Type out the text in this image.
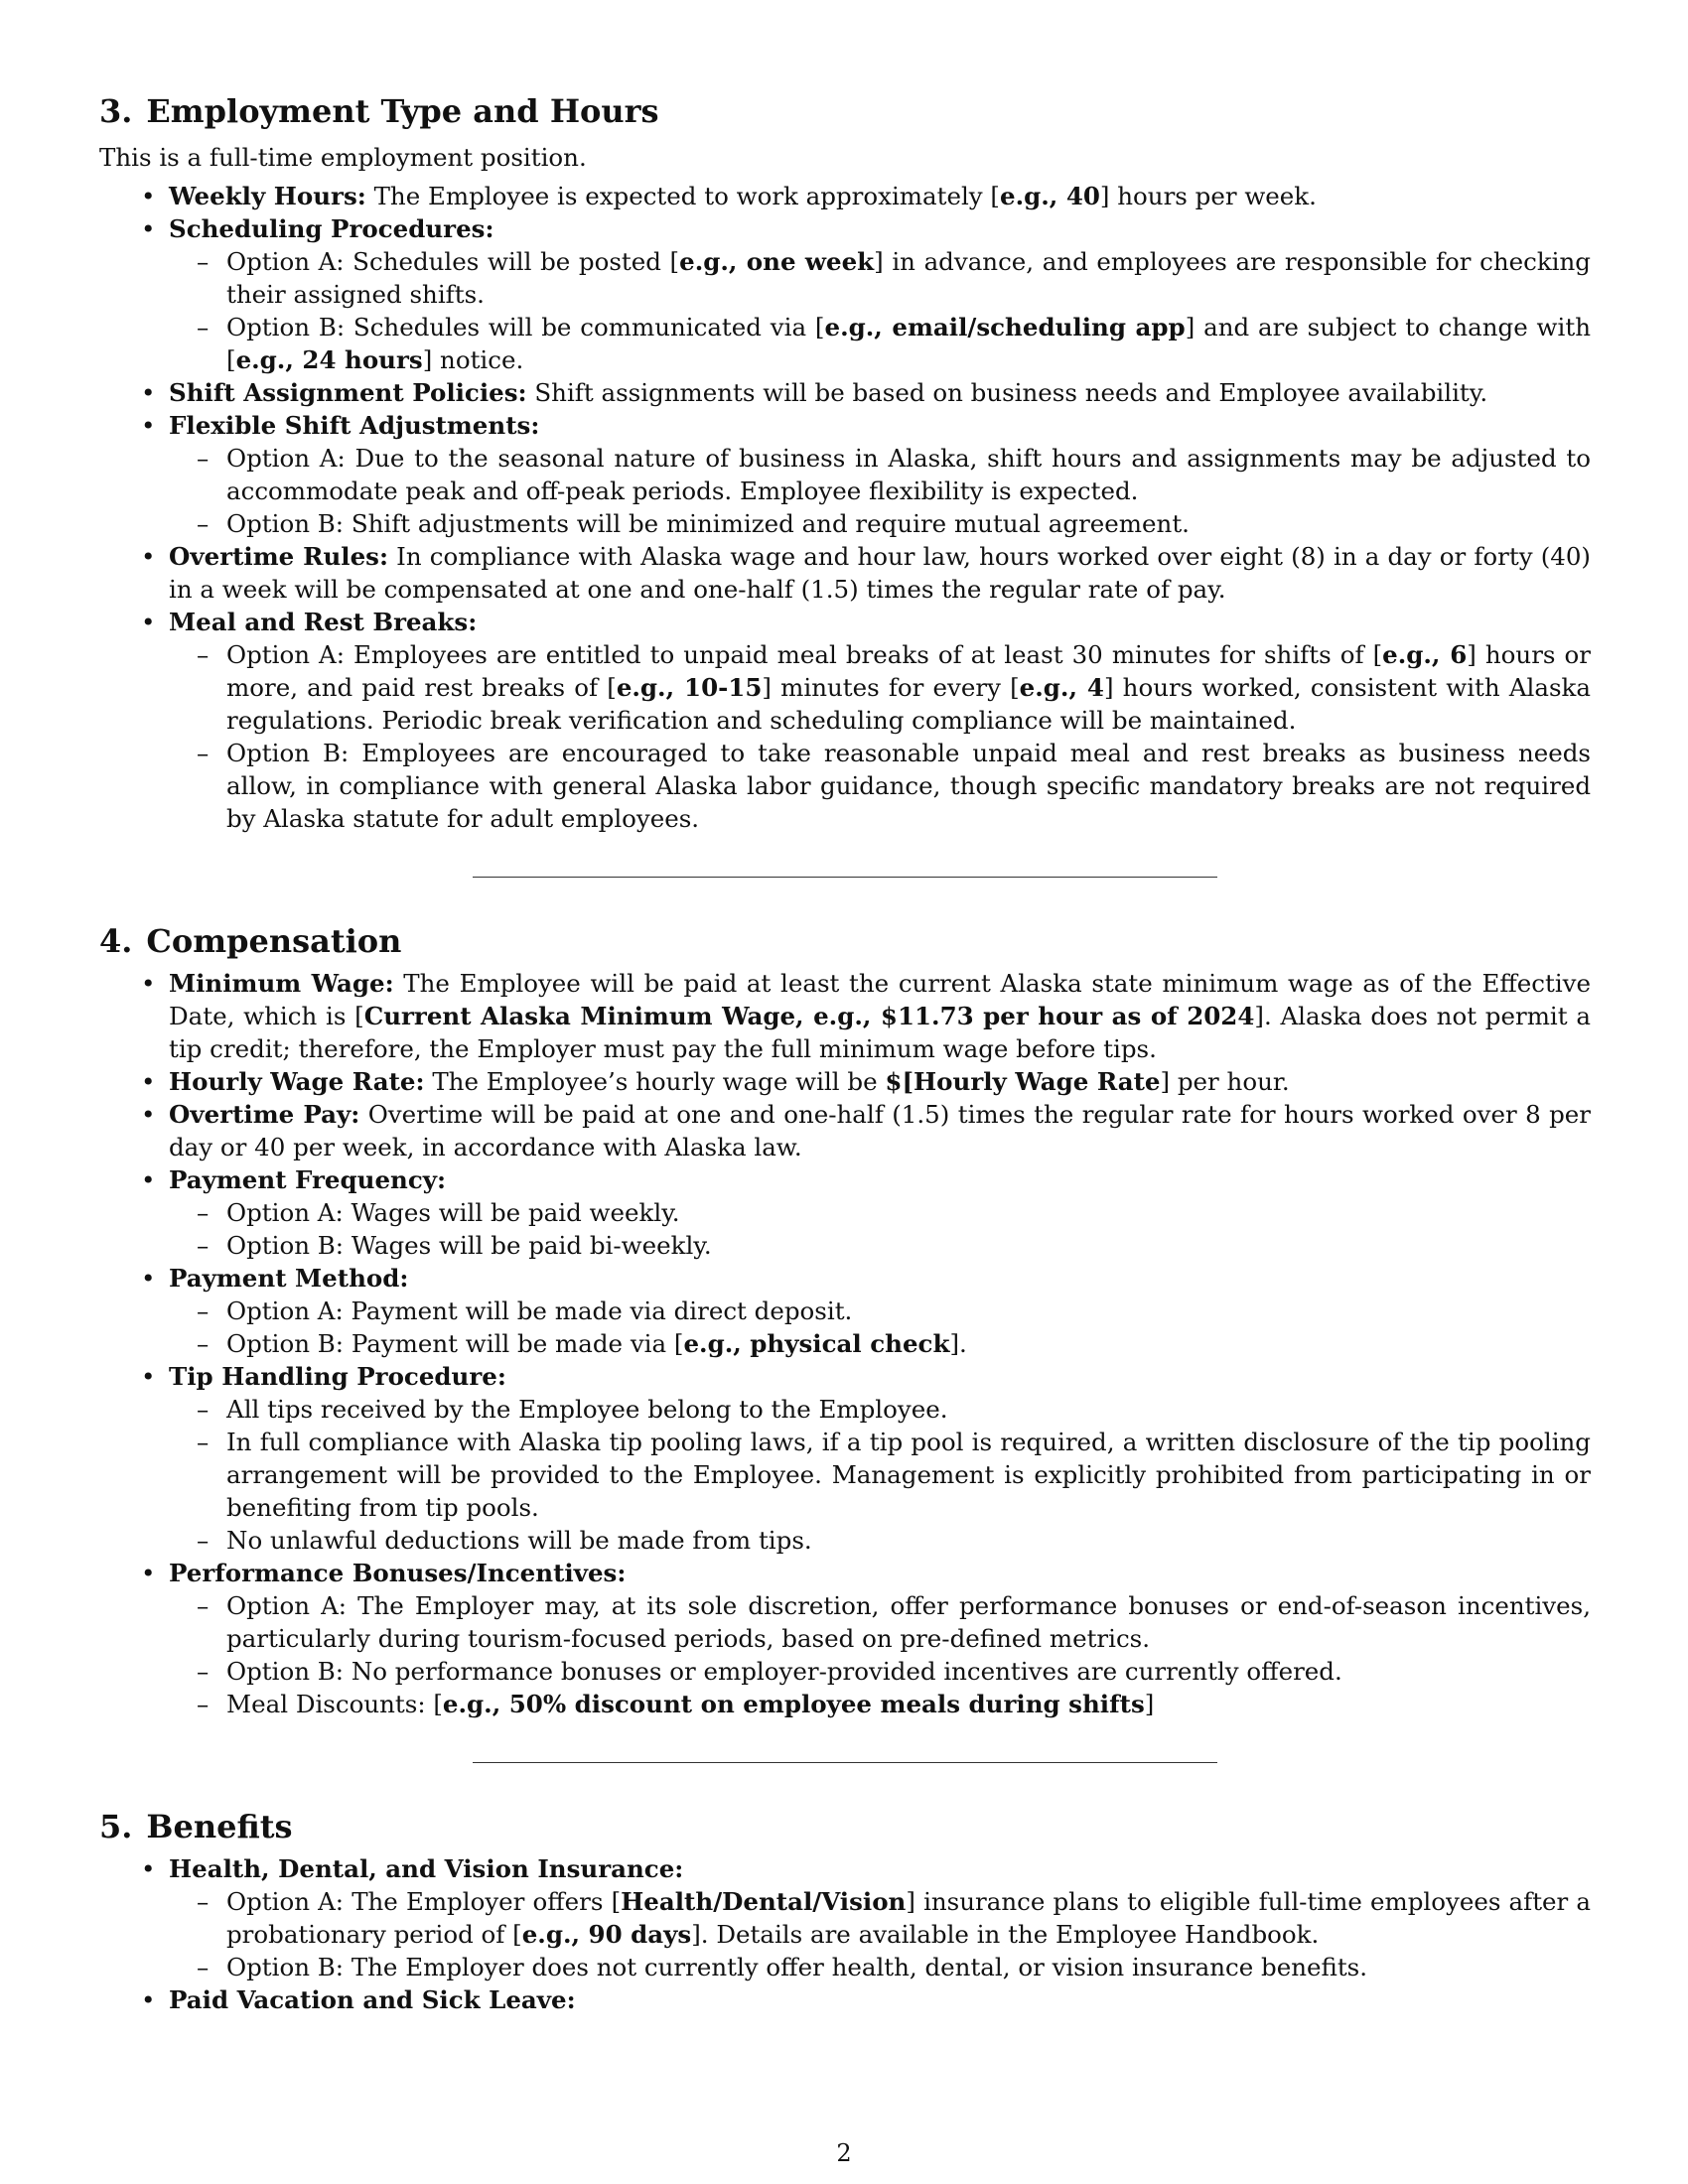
3. Employment Type and Hours

This is a full-time employment position.

• Weekly Hours: The Employee is expected to work approximately [e.g., 40] hours per week.
• Scheduling Procedures:
– Option A: Schedules will be posted [e.g., one week] in advance, and employees are responsible for checking their assigned shifts.
– Option B: Schedules will be communicated via [e.g., email/scheduling app] and are subject to change with [e.g., 24 hours] notice.
• Shift Assignment Policies: Shift assignments will be based on business needs and Employee availability.
• Flexible Shift Adjustments:
– Option A: Due to the seasonal nature of business in Alaska, shift hours and assignments may be adjusted to accommodate peak and off-peak periods. Employee flexibility is expected.
– Option B: Shift adjustments will be minimized and require mutual agreement.
• Overtime Rules: In compliance with Alaska wage and hour law, hours worked over eight (8) in a day or forty (40) in a week will be compensated at one and one-half (1.5) times the regular rate of pay.
• Meal and Rest Breaks:
– Option A: Employees are entitled to unpaid meal breaks of at least 30 minutes for shifts of [e.g., 6] hours or more, and paid rest breaks of [e.g., 10-15] minutes for every [e.g., 4] hours worked, consistent with Alaska regulations. Periodic break verification and scheduling compliance will be maintained.
– Option B: Employees are encouraged to take reasonable unpaid meal and rest breaks as business needs allow, in compliance with general Alaska labor guidance, though specific mandatory breaks are not required by Alaska statute for adult employees.
4. Compensation
• Minimum Wage: The Employee will be paid at least the current Alaska state minimum wage as of the Effective Date, which is [Current Alaska Minimum Wage, e.g., $11.73 per hour as of 2024]. Alaska does not permit a tip credit; therefore, the Employer must pay the full minimum wage before tips.
• Hourly Wage Rate: The Employee’s hourly wage will be $[Hourly Wage Rate] per hour.
• Overtime Pay: Overtime will be paid at one and one-half (1.5) times the regular rate for hours worked over 8 per day or 40 per week, in accordance with Alaska law.
• Payment Frequency:
– Option A: Wages will be paid weekly.
– Option B: Wages will be paid bi-weekly.
• Payment Method:
– Option A: Payment will be made via direct deposit.
– Option B: Payment will be made via [e.g., physical check].
• Tip Handling Procedure:
– All tips received by the Employee belong to the Employee.
– In full compliance with Alaska tip pooling laws, if a tip pool is required, a written disclosure of the tip pooling arrangement will be provided to the Employee. Management is explicitly prohibited from participating in or benefiting from tip pools.
– No unlawful deductions will be made from tips.
• Performance Bonuses/Incentives:
– Option A: The Employer may, at its sole discretion, offer performance bonuses or end-of-season incentives, particularly during tourism-focused periods, based on pre-defined metrics.
– Option B: No performance bonuses or employer-provided incentives are currently offered.
– Meal Discounts: [e.g., 50% discount on employee meals during shifts]
5. Benefits
• Health, Dental, and Vision Insurance:
– Option A: The Employer offers [Health/Dental/Vision] insurance plans to eligible full-time employees after a probationary period of [e.g., 90 days]. Details are available in the Employee Handbook.
– Option B: The Employer does not currently offer health, dental, or vision insurance benefits.
• Paid Vacation and Sick Leave:
2
